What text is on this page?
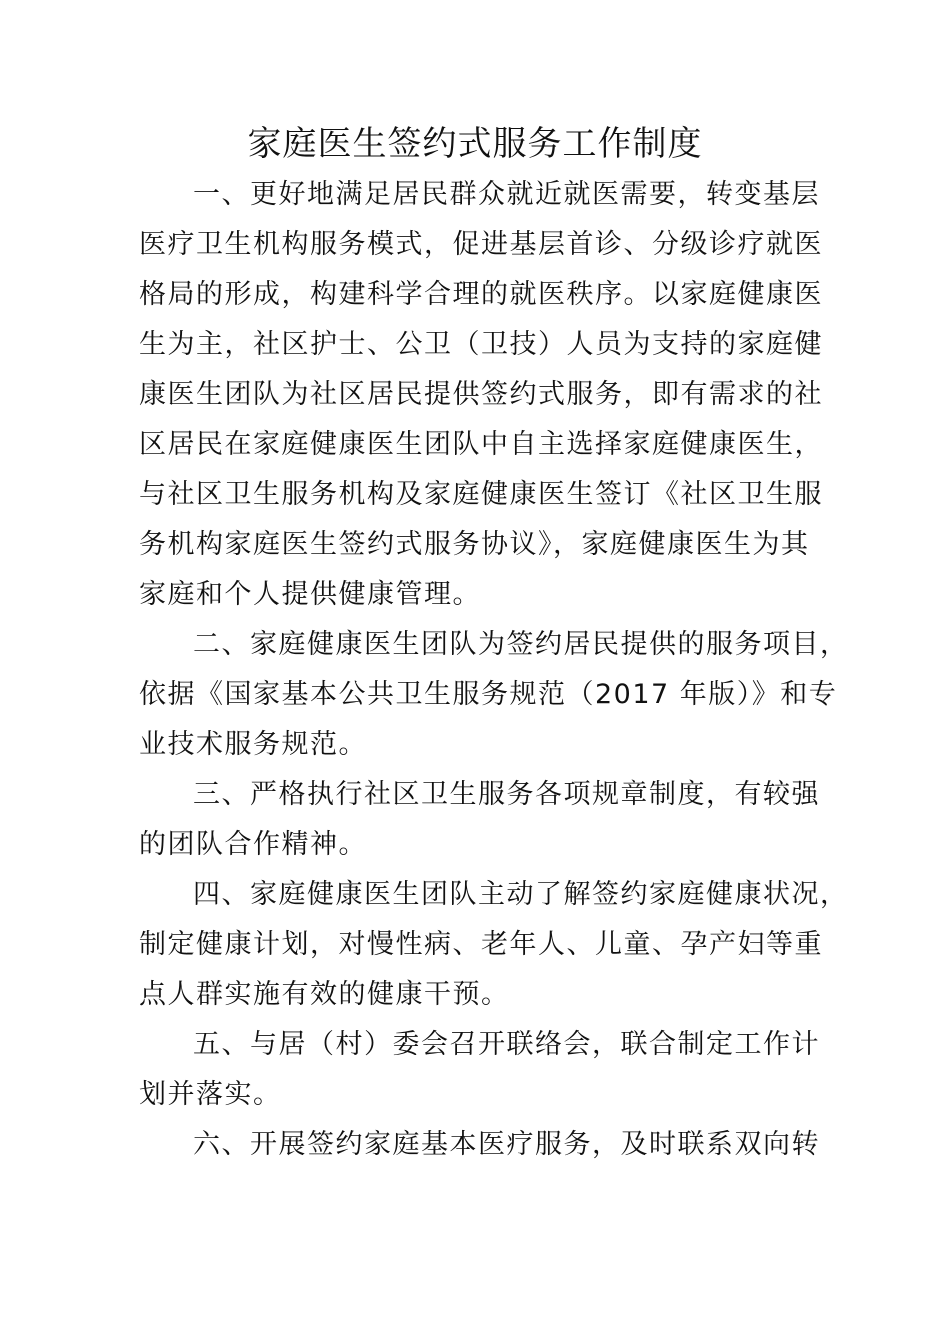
家庭医生签约式服务工作制度
一、更好地满足居民群众就近就医需要，转变基层
医疗卫生机构服务模式，促进基层首诊、分级诊疗就医
格局的形成，构建科学合理的就医秩序。以家庭健康医
生为主，社区护士、公卫（卫技）人员为支持的家庭健
康医生团队为社区居民提供签约式服务，即有需求的社
区居民在家庭健康医生团队中自主选择家庭健康医生，
与社区卫生服务机构及家庭健康医生签订《社区卫生服
务机构家庭医生签约式服务协议》，家庭健康医生为其
家庭和个人提供健康管理。
二、家庭健康医生团队为签约居民提供的服务项目，
依据《国家基本公共卫生服务规范（2017 年版）》和专
业技术服务规范。
三、严格执行社区卫生服务各项规章制度，有较强
的团队合作精神。
四、家庭健康医生团队主动了解签约家庭健康状况，
制定健康计划，对慢性病、老年人、儿童、孕产妇等重
点人群实施有效的健康干预。
五、与居（村）委会召开联络会，联合制定工作计
划并落实。
六、开展签约家庭基本医疗服务，及时联系双向转
